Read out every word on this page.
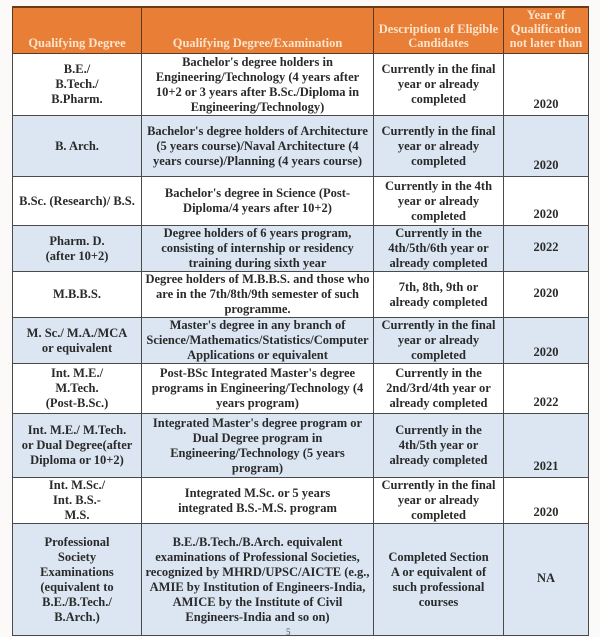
Qualifying Degree	Qualifying Degree/Examination	Description of Eligible Candidates	Year of Qualification not later than
B.E./ B.Tech./ B.Pharm.	Bachelor's degree holders in Engineering/Technology (4 years after 10+2 or 3 years after B.Sc./Diploma in Engineering/Technology)	Currently in the final year or already completed	2020
B. Arch.	Bachelor's degree holders of Architecture (5 years course)/Naval Architecture (4 years course)/Planning (4 years course)	Currently in the final year or already completed	2020
B.Sc. (Research)/ B.S.	Bachelor's degree in Science (Post-Diploma/4 years after 10+2)	Currently in the 4th year or already completed	2020
Pharm. D. (after 10+2)	Degree holders of 6 years program, consisting of internship or residency training during sixth year	Currently in the 4th/5th/6th year or already completed	2022
M.B.B.S.	Degree holders of M.B.B.S. and those who are in the 7th/8th/9th semester of such programme.	7th, 8th, 9th or already completed	2020
M. Sc./ M.A./MCA or equivalent	Master's degree in any branch of Science/Mathematics/Statistics/Computer Applications or equivalent	Currently in the final year or already completed	2020
Int. M.E./ M.Tech. (Post-B.Sc.)	Post-BSc Integrated Master's degree programs in Engineering/Technology (4 years program)	Currently in the 2nd/3rd/4th year or already completed	2022
Int. M.E./ M.Tech. or Dual Degree(after Diploma or 10+2)	Integrated Master's degree program or Dual Degree program in Engineering/Technology (5 years program)	Currently in the 4th/5th year or already completed	2021
Int. M.Sc./ Int. B.S.-M.S.	Integrated M.Sc. or 5 years integrated B.S.-M.S. program	Currently in the final year or already completed	2020
Professional Society Examinations (equivalent to B.E./B.Tech./ B.Arch.)	B.E./B.Tech./B.Arch. equivalent examinations of Professional Societies, recognized by MHRD/UPSC/AICTE (e.g., AMIE by Institution of Engineers-India, AMICE by the Institute of Civil Engineers-India and so on)	Completed Section A or equivalent of such professional courses	NA
5
